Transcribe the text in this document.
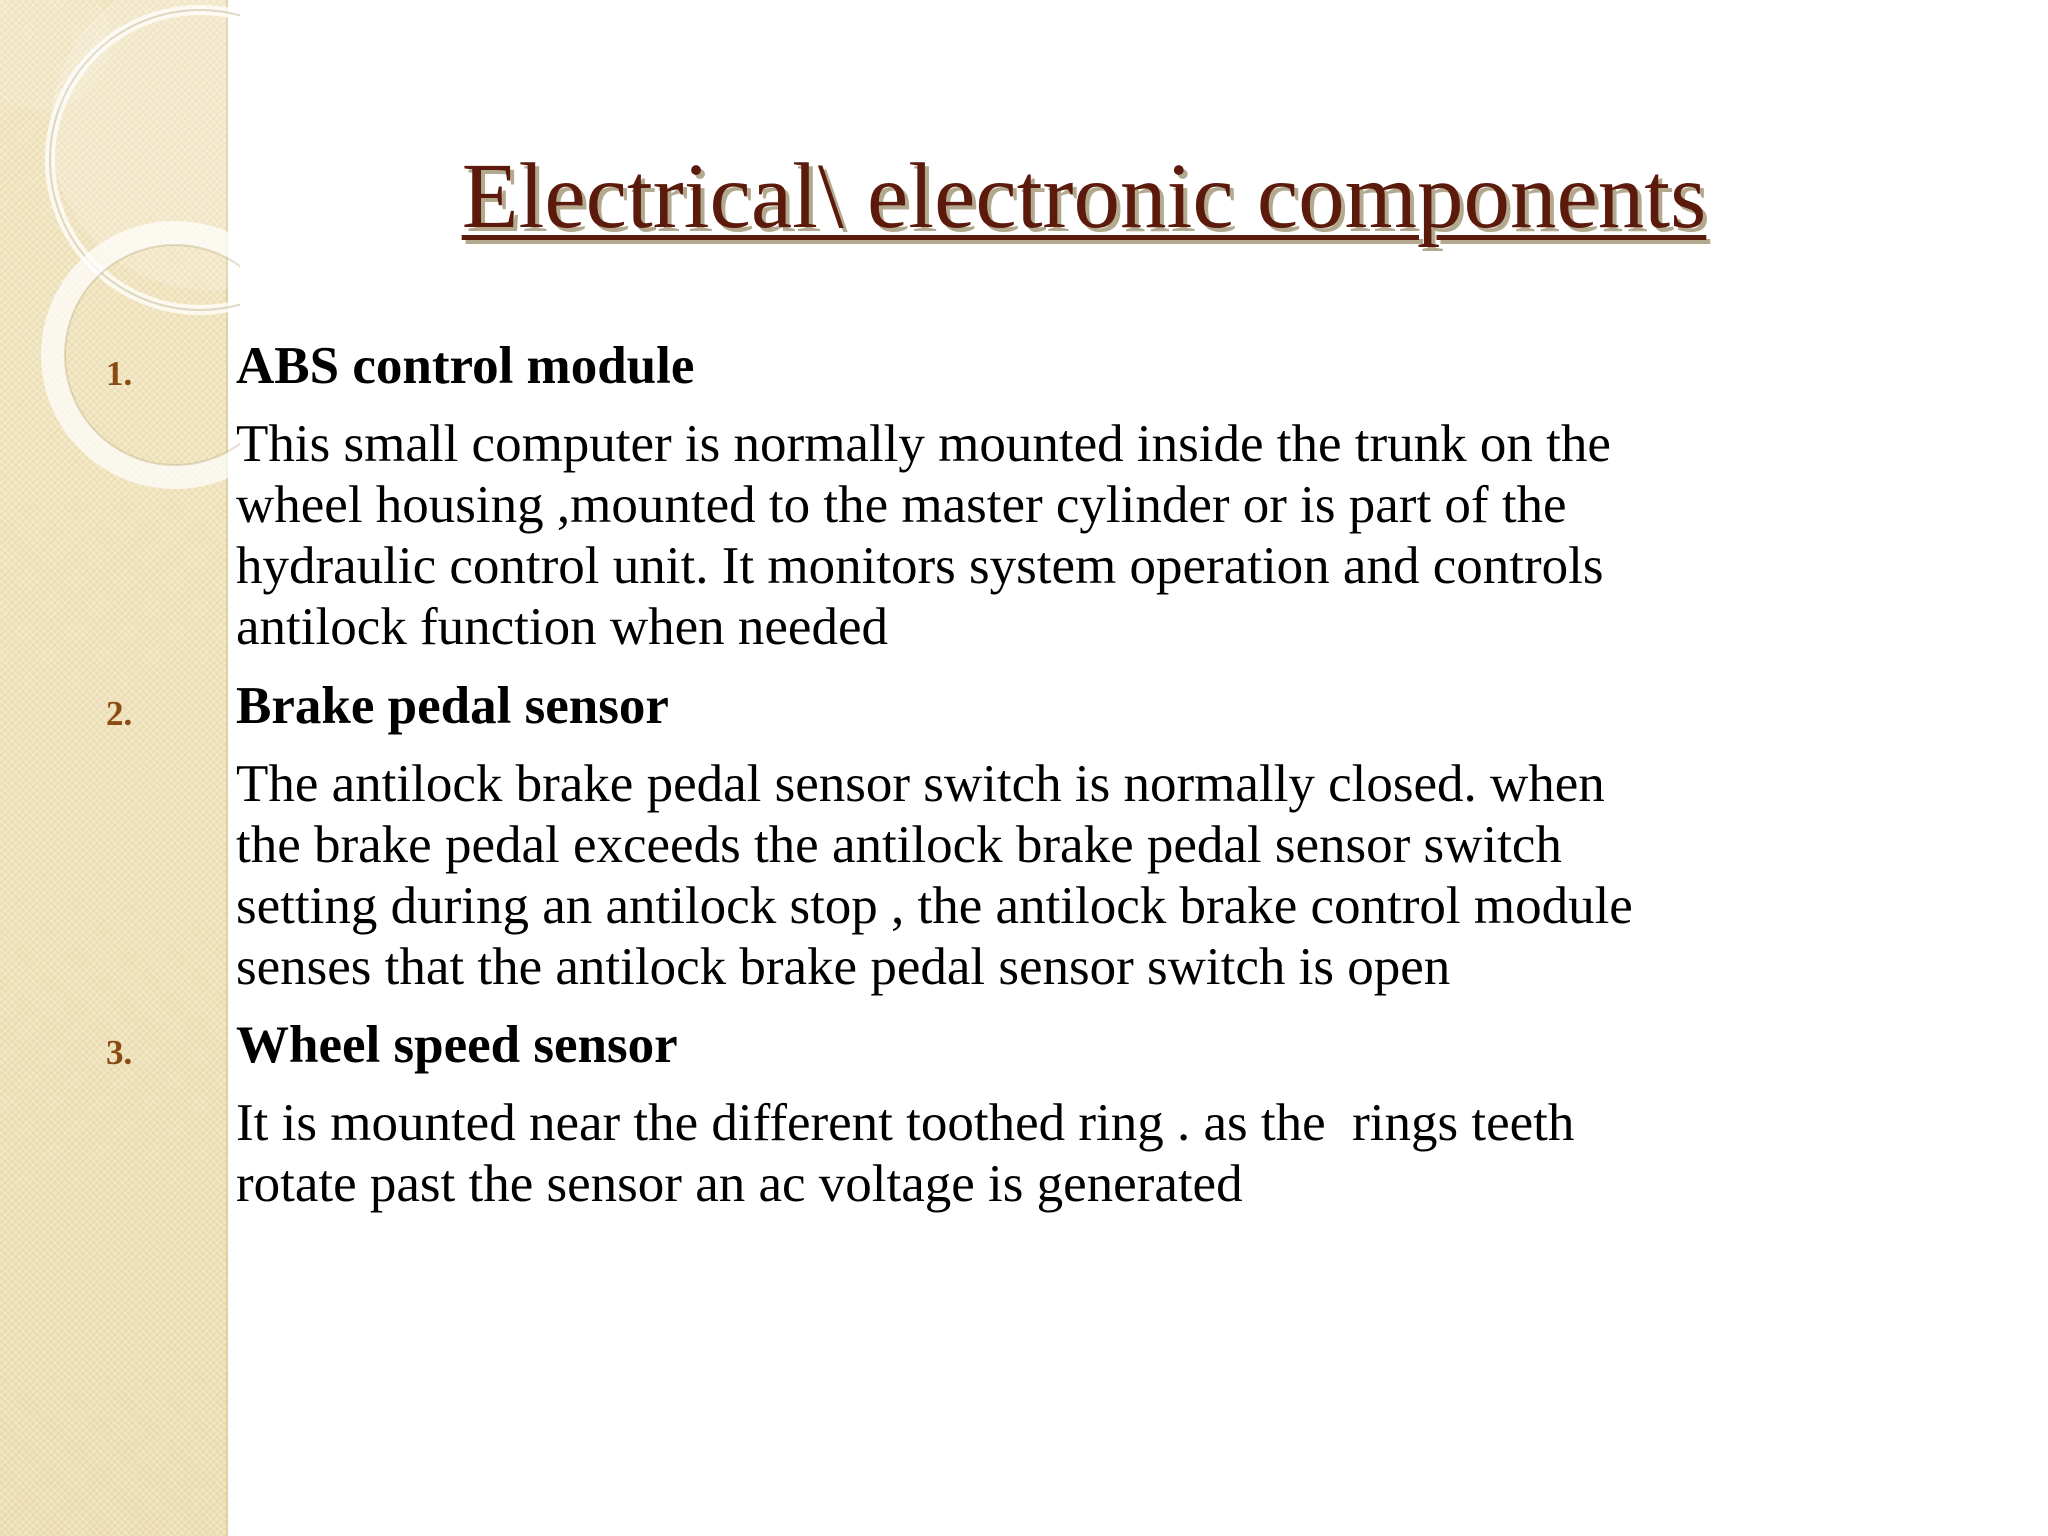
Electrical\ electronic components
1. ABS control module
This small computer is normally mounted inside the trunk on the
wheel housing ,mounted to the master cylinder or is part of the
hydraulic control unit. It monitors system operation and controls
antilock function when needed
2. Brake pedal sensor
The antilock brake pedal sensor switch is normally closed. when
the brake pedal exceeds the antilock brake pedal sensor switch
setting during an antilock stop , the antilock brake control module
senses that the antilock brake pedal sensor switch is open
3. Wheel speed sensor
It is mounted near the different toothed ring . as the  rings teeth
rotate past the sensor an ac voltage is generated
